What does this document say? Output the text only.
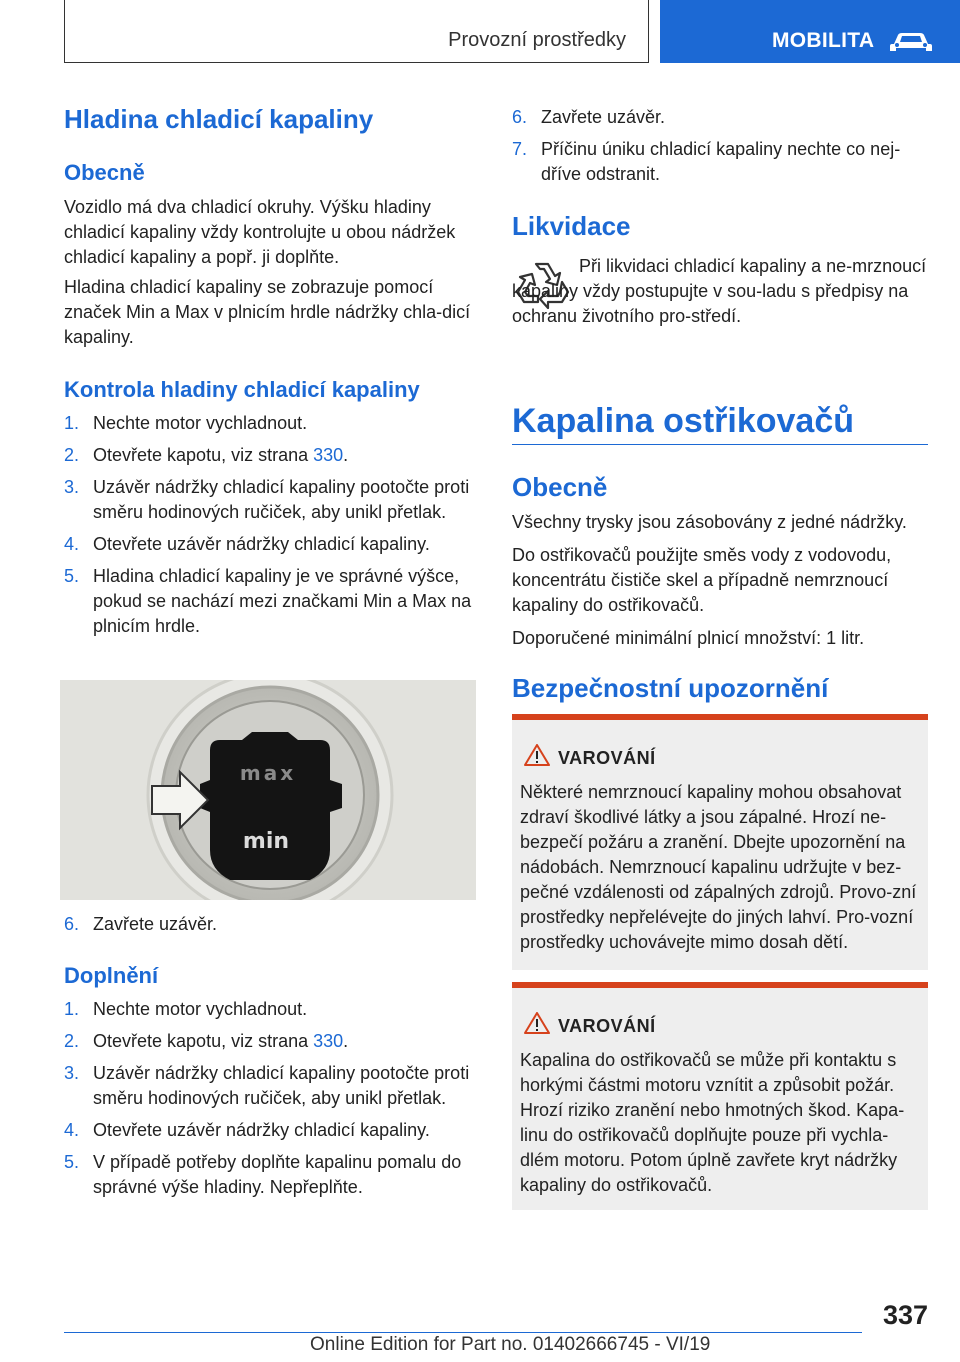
Provozní prostředky	MOBILITA
Hladina chladicí kapaliny
Obecně

Vozidlo má dva chladicí okruhy. Výšku hladiny chladicí kapaliny vždy kontrolujte u obou nádržek chladicí kapaliny a popř. ji doplňte.

Hladina chladicí kapaliny se zobrazuje pomocí značek Min a Max v plnicím hrdle nádržky chla‐dicí kapaliny.

Kontrola hladiny chladicí kapaliny
1. Nechte motor vychladnout.
2. Otevřete kapotu, viz strana 330.
3. Uzávěr nádržky chladicí kapaliny pootočte proti směru hodinových ručiček, aby unikl přetlak.
4. Otevřete uzávěr nádržky chladicí kapaliny.
5. Hladina chladicí kapaliny je ve správné výšce, pokud se nachází mezi značkami Min a Max na plnicím hrdle.
max
min
6. Zavřete uzávěr.
Doplnění
1. Nechte motor vychladnout.
2. Otevřete kapotu, viz strana 330.
3. Uzávěr nádržky chladicí kapaliny pootočte proti směru hodinových ručiček, aby unikl přetlak.
4. Otevřete uzávěr nádržky chladicí kapaliny.
5. V případě potřeby doplňte kapalinu pomalu do správné výše hladiny. Nepřeplňte.
6. Zavřete uzávěr.
7. Příčinu úniku chladicí kapaliny nechte co nej‐dříve odstranit.
Likvidace

Při likvidaci chladicí kapaliny a ne‐mrznoucí kapaliny vždy postupujte v sou‐ladu s předpisy na ochranu životního pro‐středí.

Kapalina ostřikovačů
Obecně

Všechny trysky jsou zásobovány z jedné nádržky.

Do ostřikovačů použijte směs vody z vodovodu, koncentrátu čističe skel a případně nemrznoucí kapaliny do ostřikovačů.

Doporučené minimální plnicí množství: 1 litr.

Bezpečnostní upozornění
VAROVÁNÍ
Některé nemrznoucí kapaliny mohou obsahovat zdraví škodlivé látky a jsou zápalné. Hrozí ne‐bezpečí požáru a zranění. Dbejte upozornění na nádobách. Nemrznoucí kapalinu udržujte v bez‐pečné vzdálenosti od zápalných zdrojů. Provo‐zní prostředky nepřelévejte do jiných lahví. Pro‐vozní prostředky uchovávejte mimo dosah dětí.
VAROVÁNÍ
Kapalina do ostřikovačů se může při kontaktu s horkými částmi motoru vznítit a způsobit požár. Hrozí riziko zranění nebo hmotných škod. Kapa‐linu do ostřikovačů doplňujte pouze při vychla‐dlém motoru. Potom úplně zavřete kryt nádržky kapaliny do ostřikovačů.
337
Online Edition for Part no. 01402666745 - VI/19
